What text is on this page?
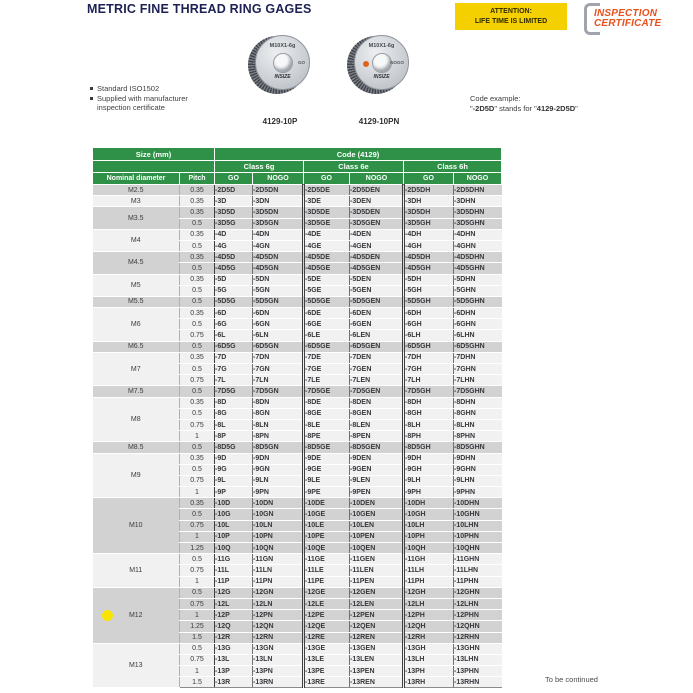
METRIC FINE THREAD RING GAGES	ATTENTION:
LIFE TIME IS LIMITED
INSPECTION
CERTIFICATE
M10X1-6g
GO
INSIZE
4129-10P
M10X1-6g
NOGO
INSIZE
4129-10PN
Standard ISO1502
Supplied with manufacturer inspection certificate
Code example:
"-2D5D" stands for "4129-2D5D"
Size (mm)		Code (4129)					
		Class 6g		Class 6e		Class 6h	
Nominal diameter	Pitch	GO	NOGO	GO	NOGO	GO	NOGO
M2.5	0.35	-2D5D	-2D5DN	-2D5DE	-2D5DEN	-2D5DH	-2D5DHN
M3	0.35	-3D	-3DN	-3DE	-3DEN	-3DH	-3DHN
M3.5	0.35	-3D5D	-3D5DN	-3D5DE	-3D5DEN	-3D5DH	-3D5DHN
	0.5	-3D5G	-3D5GN	-3D5GE	-3D5GEN	-3D5GH	-3D5GHN
M4	0.35	-4D	-4DN	-4DE	-4DEN	-4DH	-4DHN
	0.5	-4G	-4GN	-4GE	-4GEN	-4GH	-4GHN
M4.5	0.35	-4D5D	-4D5DN	-4D5DE	-4D5DEN	-4D5DH	-4D5DHN
	0.5	-4D5G	-4D5GN	-4D5GE	-4D5GEN	-4D5GH	-4D5GHN
M5	0.35	-5D	-5DN	-5DE	-5DEN	-5DH	-5DHN
	0.5	-5G	-5GN	-5GE	-5GEN	-5GH	-5GHN
M5.5	0.5	-5D5G	-5D5GN	-5D5GE	-5D5GEN	-5D5GH	-5D5GHN
M6	0.35	-6D	-6DN	-6DE	-6DEN	-6DH	-6DHN
	0.5	-6G	-6GN	-6GE	-6GEN	-6GH	-6GHN
	0.75	-6L	-6LN	-6LE	-6LEN	-6LH	-6LHN
M6.5	0.5	-6D5G	-6D5GN	-6D5GE	-6D5GEN	-6D5GH	-6D5GHN
M7	0.35	-7D	-7DN	-7DE	-7DEN	-7DH	-7DHN
	0.5	-7G	-7GN	-7GE	-7GEN	-7GH	-7GHN
	0.75	-7L	-7LN	-7LE	-7LEN	-7LH	-7LHN
M7.5	0.5	-7D5G	-7D5GN	-7D5GE	-7D5GEN	-7D5GH	-7D5GHN
M8	0.35	-8D	-8DN	-8DE	-8DEN	-8DH	-8DHN
	0.5	-8G	-8GN	-8GE	-8GEN	-8GH	-8GHN
	0.75	-8L	-8LN	-8LE	-8LEN	-8LH	-8LHN
	1	-8P	-8PN	-8PE	-8PEN	-8PH	-8PHN
M8.5	0.5	-8D5G	-8D5GN	-8D5GE	-8D5GEN	-8D5GH	-8D5GHN
M9	0.35	-9D	-9DN	-9DE	-9DEN	-9DH	-9DHN
	0.5	-9G	-9GN	-9GE	-9GEN	-9GH	-9GHN
	0.75	-9L	-9LN	-9LE	-9LEN	-9LH	-9LHN
	1	-9P	-9PN	-9PE	-9PEN	-9PH	-9PHN
M10	0.35	-10D	-10DN	-10DE	-10DEN	-10DH	-10DHN
	0.5	-10G	-10GN	-10GE	-10GEN	-10GH	-10GHN
	0.75	-10L	-10LN	-10LE	-10LEN	-10LH	-10LHN
	1	-10P	-10PN	-10PE	-10PEN	-10PH	-10PHN
	1.25	-10Q	-10QN	-10QE	-10QEN	-10QH	-10QHN
M11	0.5	-11G	-11GN	-11GE	-11GEN	-11GH	-11GHN
	0.75	-11L	-11LN	-11LE	-11LEN	-11LH	-11LHN
	1	-11P	-11PN	-11PE	-11PEN	-11PH	-11PHN

M12	0.5	-12G	-12GN	-12GE	-12GEN	-12GH	-12GHN
	0.75	-12L	-12LN	-12LE	-12LEN	-12LH	-12LHN
	1	-12P	-12PN	-12PE	-12PEN	-12PH	-12PHN
	1.25	-12Q	-12QN	-12QE	-12QEN	-12QH	-12QHN
	1.5	-12R	-12RN	-12RE	-12REN	-12RH	-12RHN
M13	0.5	-13G	-13GN	-13GE	-13GEN	-13GH	-13GHN
	0.75	-13L	-13LN	-13LE	-13LEN	-13LH	-13LHN
	1	-13P	-13PN	-13PE	-13PEN	-13PH	-13PHN
	1.5	-13R	-13RN	-13RE	-13REN	-13RH	-13RHN	To be continued
